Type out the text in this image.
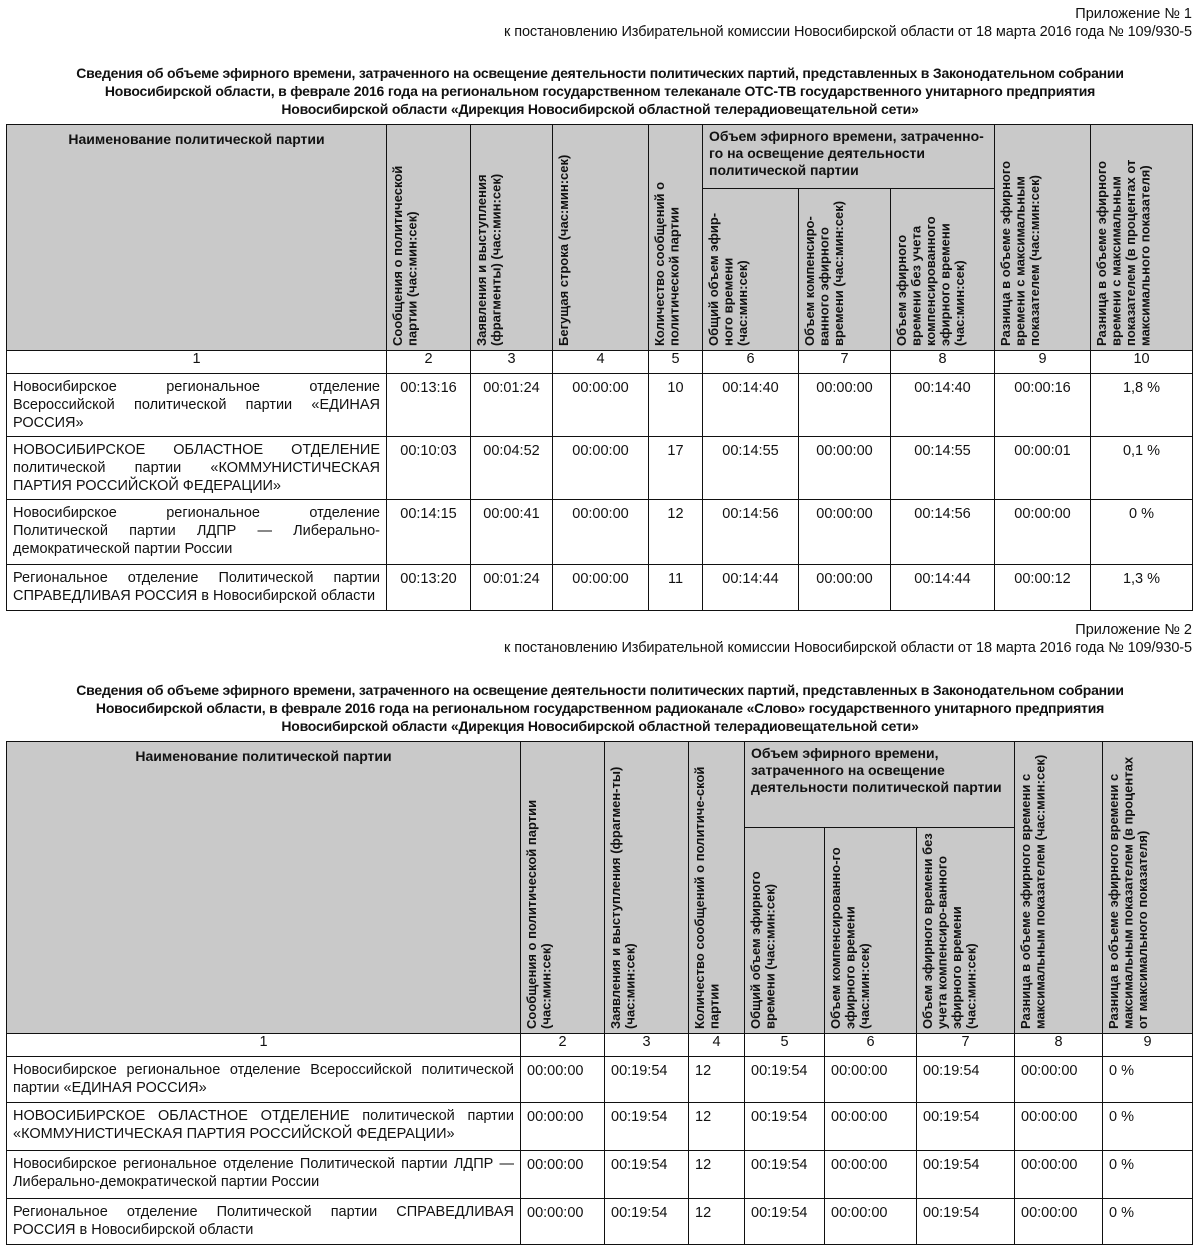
Приложение № 1
к постановлению Избирательной комиссии Новосибирской области от 18 марта 2016 года № 109/930-5
Сведения об объеме эфирного времени, затраченного на освещение деятельности политических партий, представленных в Законодательном собрании
Новосибирской области, в феврале 2016 года на региональном государственном телеканале ОТС-ТВ государственного унитарного предприятия
Новосибирской области «Дирекция Новосибирской областной телерадиовещательной сети»
Наименование политической партии	Сообщения о политической партии (час:мин:сек)	Заявления и выступления (фрагменты) (час:мин:сек)	Бегущая строка (час:мин:сек)	Количество сообщений о политической партии	Объем эфирного времени, затраченно-го на освещение деятельности политической партии			Разница в объеме эфирного времени с максимальным показателем (час:мин:сек)	Разница в объеме эфирного времени с максимальным показателем (в процентах от максимального показателя)

					Общий объем эфир-ного времени (час:мин:сек)	Объем компенсиро-ванного эфирного времени (час:мин:сек)	Объем эфирного времени без учета компенсированного эфирного времени (час:мин:сек)		

1	2	3	4	5	6	7	8	9	10
Новосибирское региональное отделение Всероссийской политической партии «ЕДИНАЯ РОССИЯ»	00:13:16	00:01:24	00:00:00	10	00:14:40	00:00:00	00:14:40	00:00:16	1,8 %
НОВОСИБИРСКОЕ ОБЛАСТНОЕ ОТДЕЛЕНИЕ политической партии «КОММУНИСТИЧЕСКАЯ ПАРТИЯ РОССИЙСКОЙ ФЕДЕРАЦИИ»	00:10:03	00:04:52	00:00:00	17	00:14:55	00:00:00	00:14:55	00:00:01	0,1 %
Новосибирское региональное отделение Политической партии ЛДПР — Либерально-демократической партии России	00:14:15	00:00:41	00:00:00	12	00:14:56	00:00:00	00:14:56	00:00:00	0 %
Региональное отделение Политической партии СПРАВЕДЛИВАЯ РОССИЯ в Новосибирской области	00:13:20	00:01:24	00:00:00	11	00:14:44	00:00:00	00:14:44	00:00:12	1,3 %
Приложение № 2
к постановлению Избирательной комиссии Новосибирской области от 18 марта 2016 года № 109/930-5
Сведения об объеме эфирного времени, затраченного на освещение деятельности политических партий, представленных в Законодательном собрании
Новосибирской области, в феврале 2016 года на региональном государственном радиоканале «Слово» государственного унитарного предприятия
Новосибирской области «Дирекция Новосибирской областной телерадиовещательной сети»
Наименование политической партии	Сообщения о политической партии (час:мин:сек)	Заявления и выступления (фрагмен-ты) (час:мин:сек)	Количество сообщений о политиче-ской партии	Объем эфирного времени, затраченного на освещение деятельности политической партии			Разница в объеме эфирного времени с максимальным показателем (час:мин:сек)	Разница в объеме эфирного времени с максимальным показателем (в процентах от максимального показателя)

				Общий объем эфирного времени (час:мин:сек)	Объем компенсированно-го эфирного времени (час:мин:сек)	Объем эфирного времени без учета компенсиро-ванного эфирного времени (час:мин:сек)		

1	2	3	4	5	6	7	8	9
Новосибирское региональное отделение Всероссийской политической партии «ЕДИНАЯ РОССИЯ»	00:00:00	00:19:54	12	00:19:54	00:00:00	00:19:54	00:00:00	0 %
НОВОСИБИРСКОЕ ОБЛАСТНОЕ ОТДЕЛЕНИЕ политической партии «КОММУНИСТИЧЕСКАЯ ПАРТИЯ РОССИЙСКОЙ ФЕДЕРАЦИИ»	00:00:00	00:19:54	12	00:19:54	00:00:00	00:19:54	00:00:00	0 %
Новосибирское региональное отделение Политической партии ЛДПР — Либерально-демократической партии России	00:00:00	00:19:54	12	00:19:54	00:00:00	00:19:54	00:00:00	0 %
Региональное отделение Политической партии СПРАВЕДЛИВАЯ РОССИЯ в Новосибирской области	00:00:00	00:19:54	12	00:19:54	00:00:00	00:19:54	00:00:00	0 %
